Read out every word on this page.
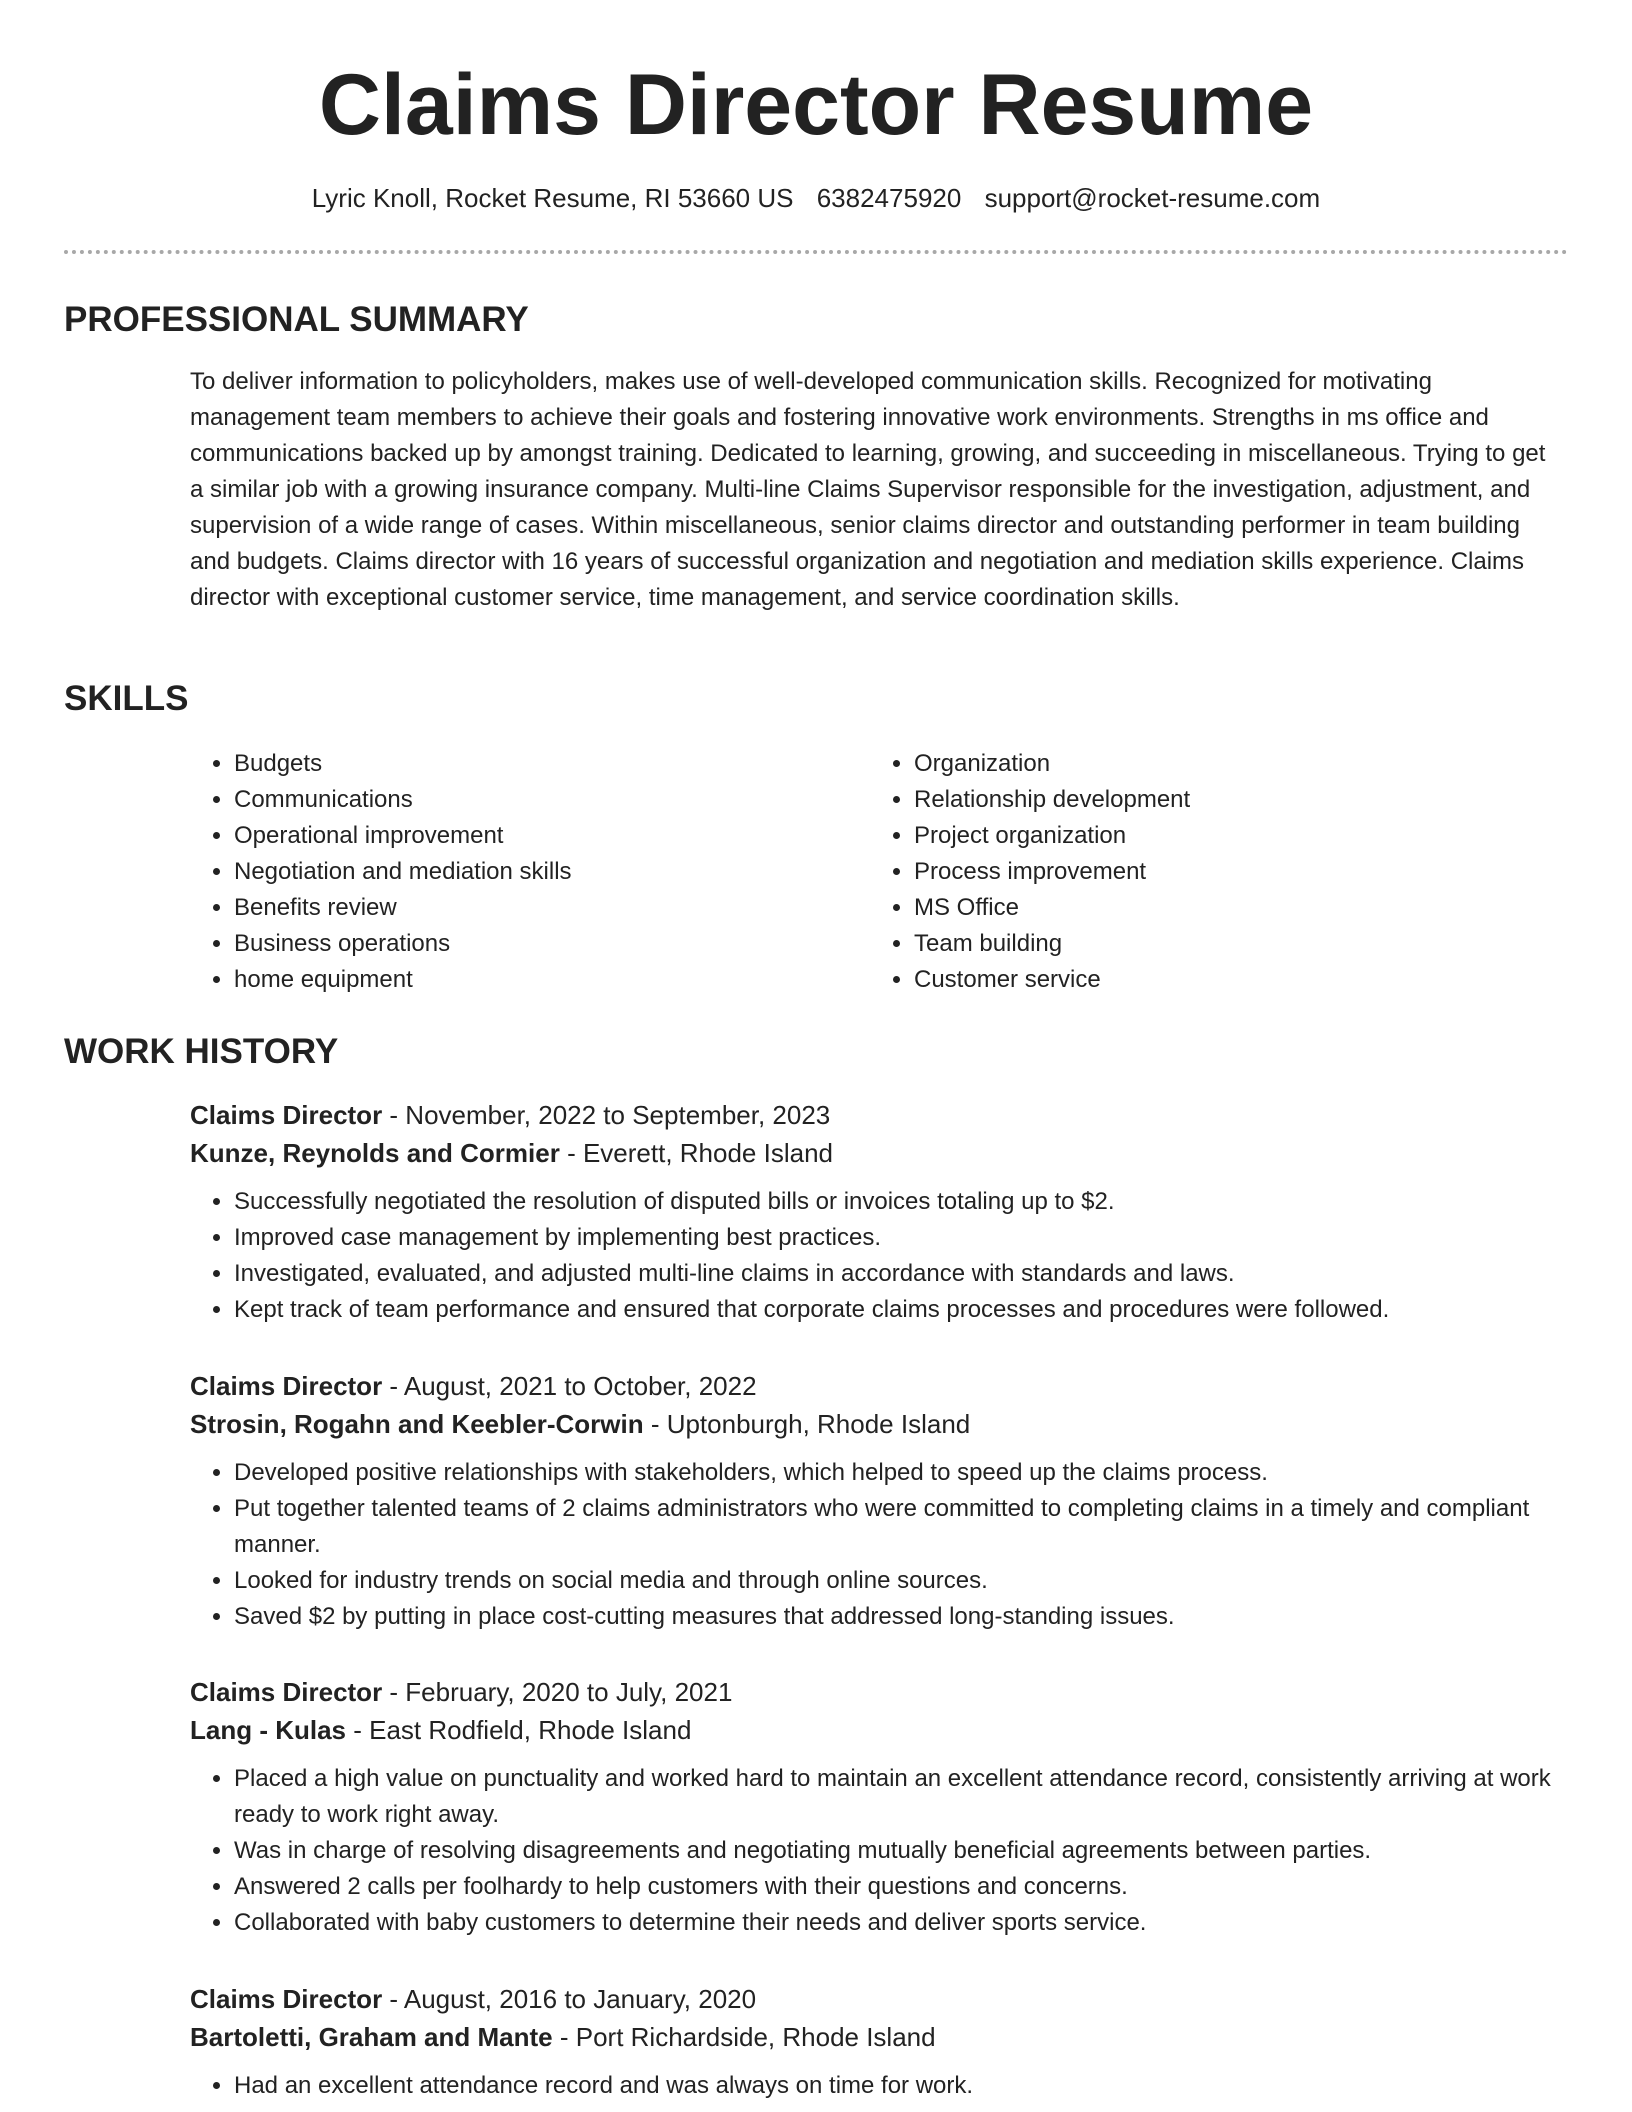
Claims Director Resume
Lyric Knoll, Rocket Resume, RI 53660 US 6382475920 support@rocket-resume.com
PROFESSIONAL SUMMARY

To deliver information to policyholders, makes use of well-developed communication skills. Recognized for motivating management team members to achieve their goals and fostering innovative work environments. Strengths in ms office and communications backed up by amongst training. Dedicated to learning, growing, and succeeding in miscellaneous. Trying to get a similar job with a growing insurance company. Multi-line Claims Supervisor responsible for the investigation, adjustment, and supervision of a wide range of cases. Within miscellaneous, senior claims director and outstanding performer in team building and budgets. Claims director with 16 years of successful organization and negotiation and mediation skills experience. Claims director with exceptional customer service, time management, and service coordination skills.

SKILLS
• Budgets
• Communications
• Operational improvement
• Negotiation and mediation skills
• Benefits review
• Business operations
• home equipment
• Organization
• Relationship development
• Project organization
• Process improvement
• MS Office
• Team building
• Customer service
WORK HISTORY
Claims Director - November, 2022 to September, 2023
Kunze, Reynolds and Cormier - Everett, Rhode Island
• Successfully negotiated the resolution of disputed bills or invoices totaling up to $2.
• Improved case management by implementing best practices.
• Investigated, evaluated, and adjusted multi-line claims in accordance with standards and laws.
• Kept track of team performance and ensured that corporate claims processes and procedures were followed.
Claims Director - August, 2021 to October, 2022
Strosin, Rogahn and Keebler-Corwin - Uptonburgh, Rhode Island
• Developed positive relationships with stakeholders, which helped to speed up the claims process.
• Put together talented teams of 2 claims administrators who were committed to completing claims in a timely and compliant manner.
• Looked for industry trends on social media and through online sources.
• Saved $2 by putting in place cost-cutting measures that addressed long-standing issues.
Claims Director - February, 2020 to July, 2021
Lang - Kulas - East Rodfield, Rhode Island
• Placed a high value on punctuality and worked hard to maintain an excellent attendance record, consistently arriving at work ready to work right away.
• Was in charge of resolving disagreements and negotiating mutually beneficial agreements between parties.
• Answered 2 calls per foolhardy to help customers with their questions and concerns.
• Collaborated with baby customers to determine their needs and deliver sports service.
Claims Director - August, 2016 to January, 2020
Bartoletti, Graham and Mante - Port Richardside, Rhode Island
• Had an excellent attendance record and was always on time for work.
